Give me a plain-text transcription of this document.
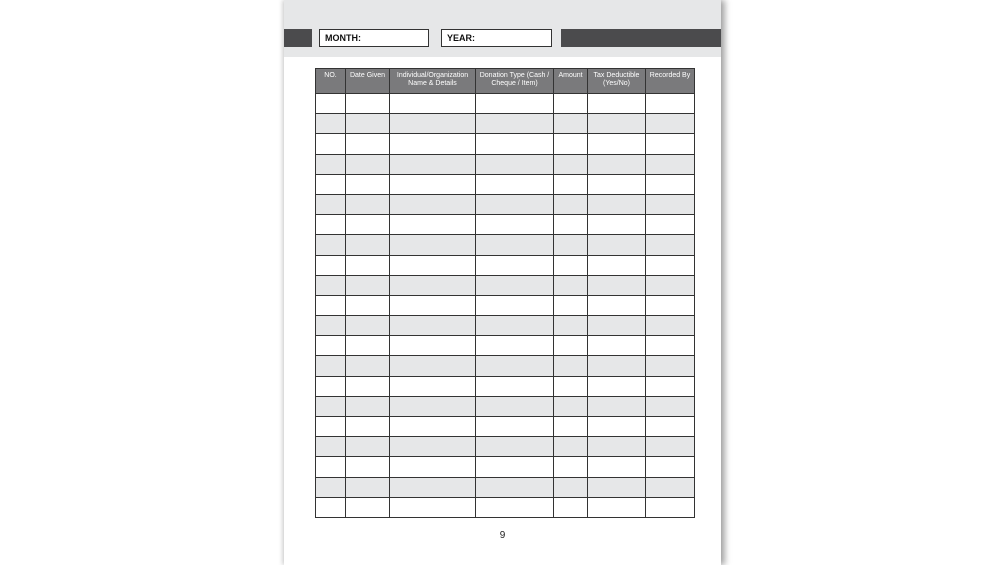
MONTH:	YEAR:
NO.	Date Given	Individual/Organization Name & Details	Donation Type (Cash / Cheque / Item)	Amount	Tax Deductible (Yes/No)	Recorded By

9
